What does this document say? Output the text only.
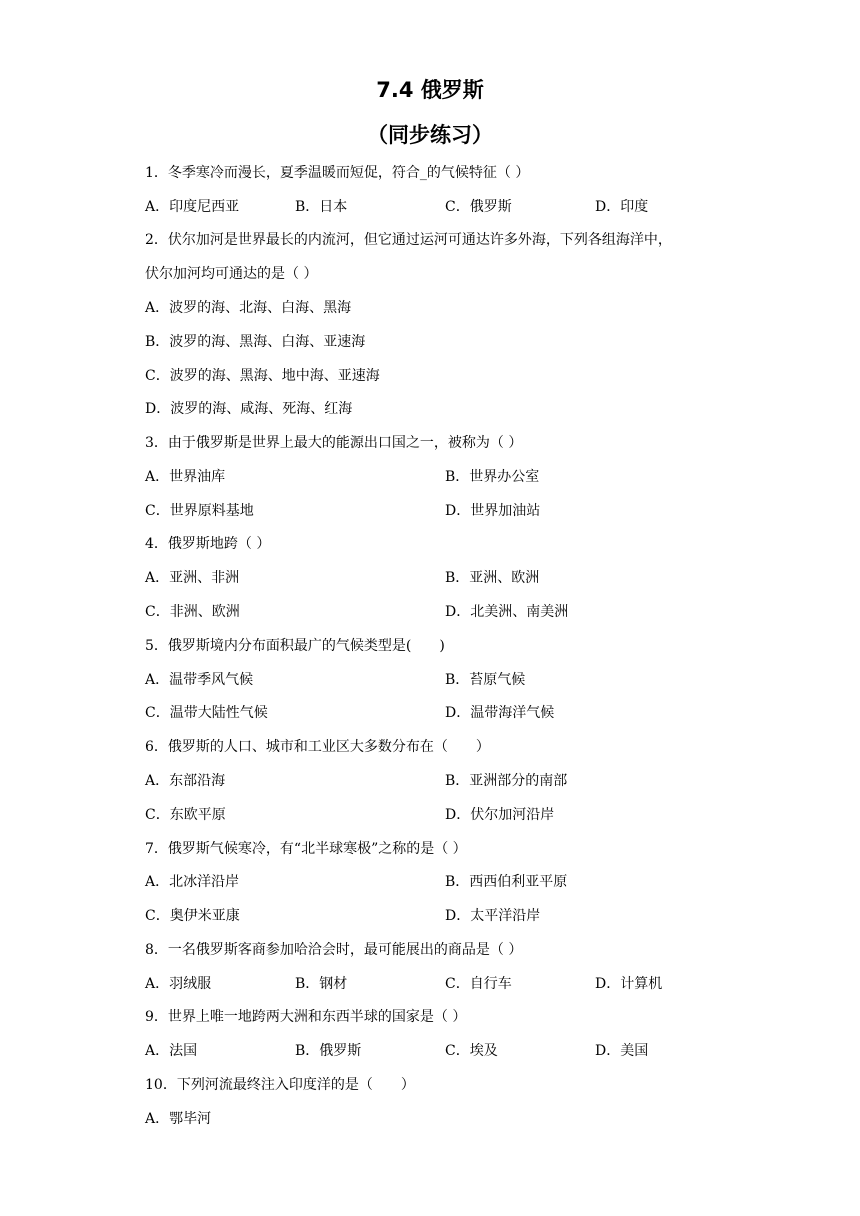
7.4 俄罗斯
（同步练习）
1．冬季寒冷而漫长，夏季温暖而短促，符合_的气候特征（ ）
A．印度尼西亚	B．日本	C．俄罗斯	D．印度
2．伏尔加河是世界最长的内流河，但它通过运河可通达许多外海，下列各组海洋中，
伏尔加河均可通达的是（ ）
A．波罗的海、北海、白海、黑海
B．波罗的海、黑海、白海、亚速海
C．波罗的海、黑海、地中海、亚速海
D．波罗的海、咸海、死海、红海
3．由于俄罗斯是世界上最大的能源出口国之一，被称为（ ）
A．世界油库	B．世界办公室
C．世界原料基地	D．世界加油站
4．俄罗斯地跨（ ）
A．亚洲、非洲	B．亚洲、欧洲
C．非洲、欧洲	D．北美洲、南美洲
5．俄罗斯境内分布面积最广的气候类型是(　　)
A．温带季风气候	B．苔原气候
C．温带大陆性气候	D．温带海洋气候
6．俄罗斯的人口、城市和工业区大多数分布在（　　）
A．东部沿海	B．亚洲部分的南部
C．东欧平原	D．伏尔加河沿岸
7．俄罗斯气候寒冷，有“北半球寒极”之称的是（ ）
A．北冰洋沿岸	B．西西伯利亚平原
C．奥伊米亚康	D．太平洋沿岸
8．一名俄罗斯客商参加哈洽会时，最可能展出的商品是（ ）
A．羽绒服	B．钢材	C．自行车	D．计算机
9．世界上唯一地跨两大洲和东西半球的国家是（ ）
A．法国	B．俄罗斯	C．埃及	D．美国
10．下列河流最终注入印度洋的是（　　）
A．鄂毕河
